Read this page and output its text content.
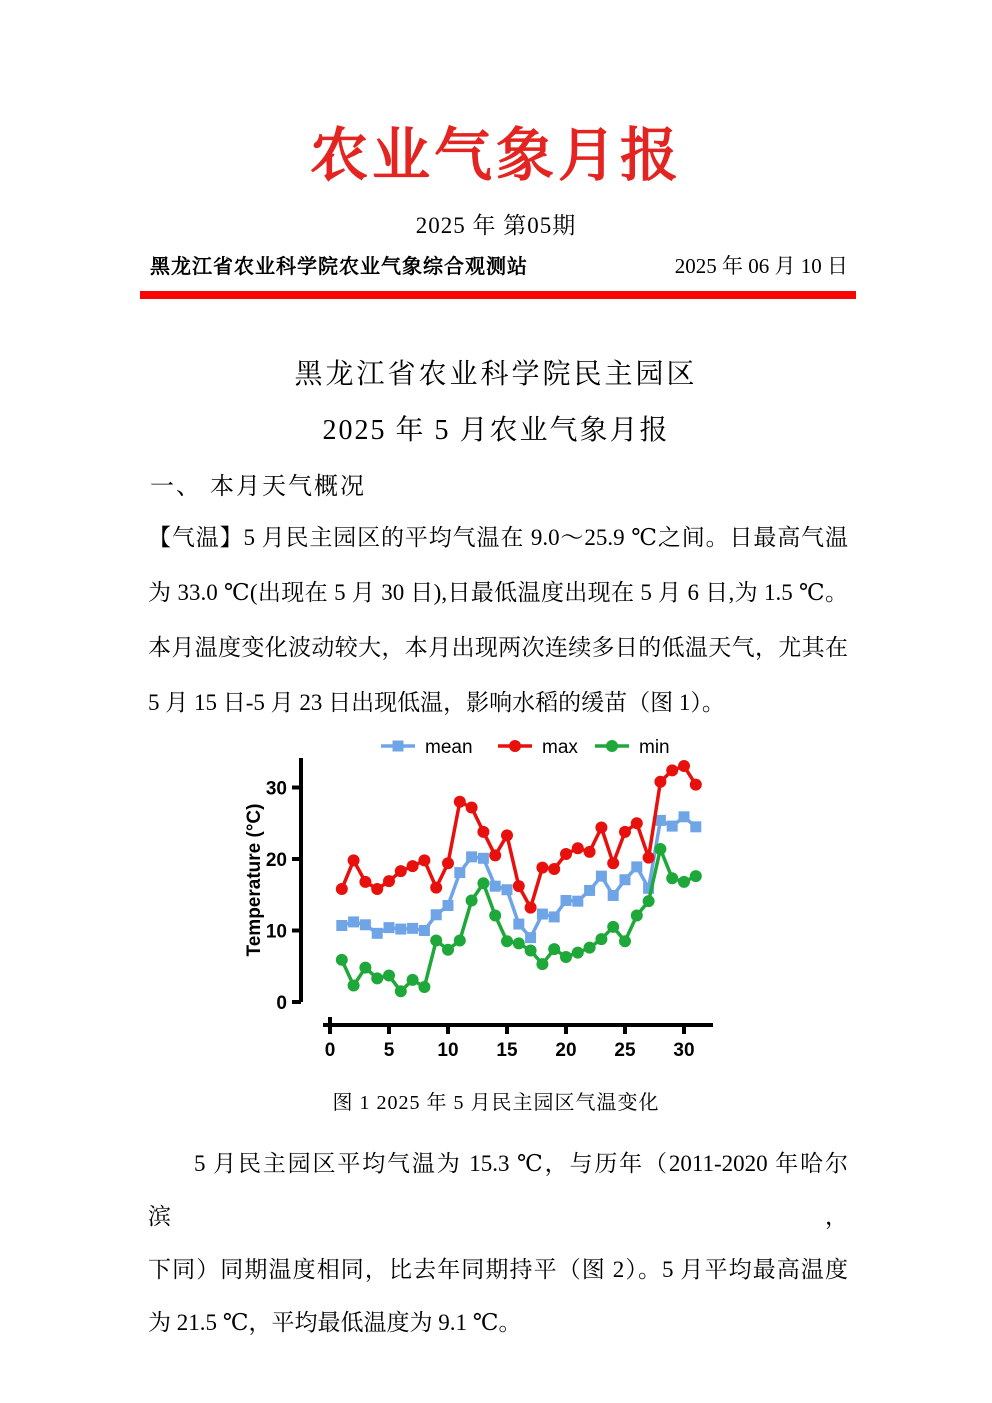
农业气象月报
2025 年 第05期
黑龙江省农业科学院农业气象综合观测站	2025 年 06 月 10 日
黑龙江省农业科学院民主园区
2025 年 5 月农业气象月报
一、 本月天气概况
【气温】5 月民主园区的平均气温在 9.0～25.9 ℃之间。日最高气温
为 33.0 ℃(出现在 5 月 30 日),日最低温度出现在 5 月 6 日,为 1.5 ℃。
本月温度变化波动较大，本月出现两次连续多日的低温天气，尤其在
5 月 15 日-5 月 23 日出现低温，影响水稻的缓苗（图 1）。
0
10
20
30
Temperature (°C)
0	5 10 15 20 25 30
mean	max	min
图 1 2025 年 5 月民主园区气温变化
5 月民主园区平均气温为 15.3 ℃，与历年（2011-2020 年哈尔滨，
下同）同期温度相同，比去年同期持平（图 2）。5 月平均最高温度
为 21.5 ℃，平均最低温度为 9.1 ℃。
